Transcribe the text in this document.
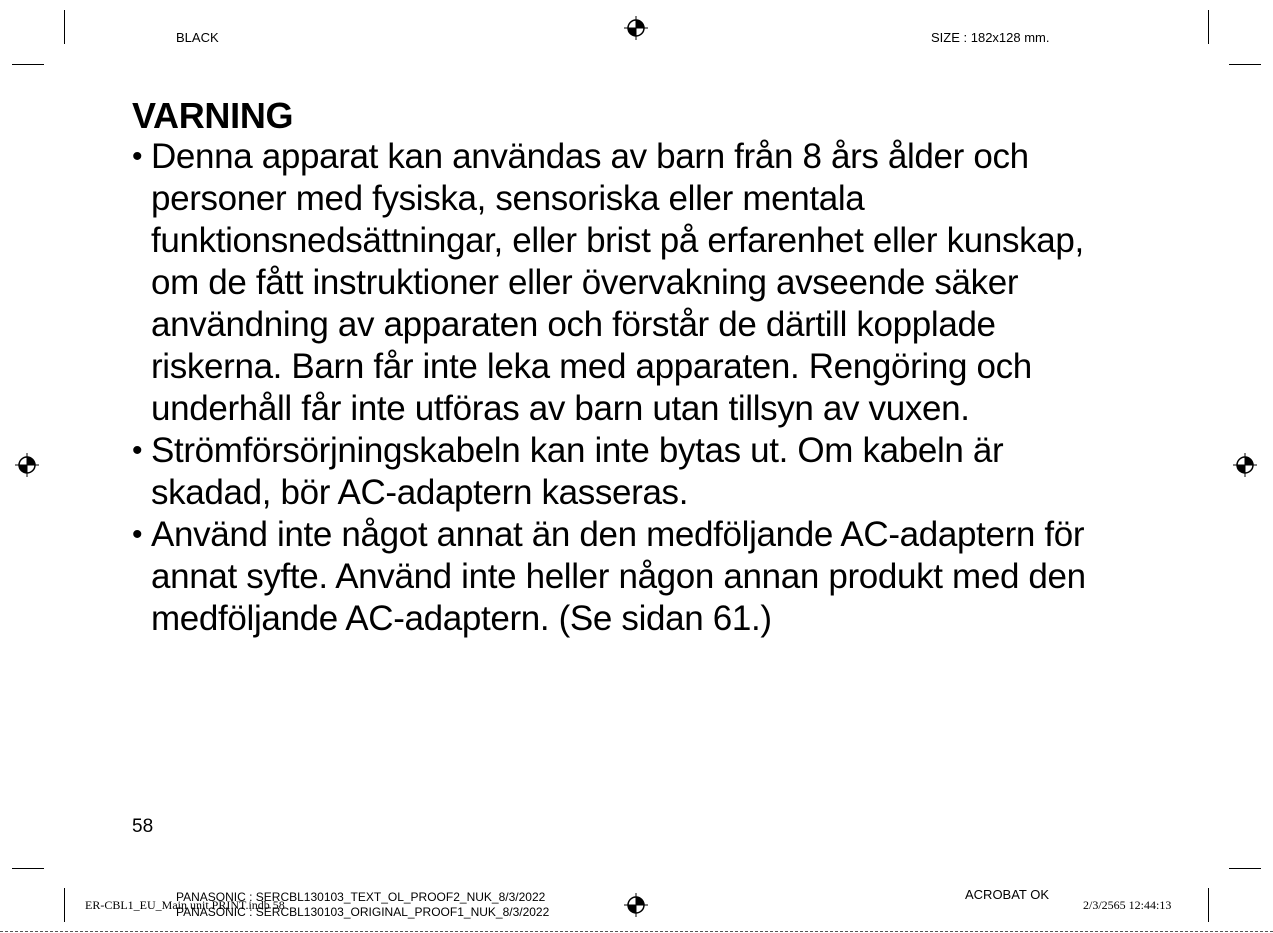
BLACK	SIZE : 182x128 mm.
VARNING
• Denna apparat kan användas av barn från 8 års ålder och
personer med fysiska, sensoriska eller mentala
funktionsnedsättningar, eller brist på erfarenhet eller kunskap,
om de fått instruktioner eller övervakning avseende säker
användning av apparaten och förstår de därtill kopplade
riskerna. Barn får inte leka med apparaten. Rengöring och
underhåll får inte utföras av barn utan tillsyn av vuxen.
• Strömförsörjningskabeln kan inte bytas ut. Om kabeln är
skadad, bör AC-adaptern kasseras.
• Använd inte något annat än den medföljande AC-adaptern för
annat syfte. Använd inte heller någon annan produkt med den
medföljande AC-adaptern. (Se sidan 61.)
58
ER-CBL1_EU_Main unit PRINT.indb 58
PANASONIC : SERCBL130103_TEXT_OL_PROOF2_NUK_8/3/2022
PANASONIC : SERCBL130103_ORIGINAL_PROOF1_NUK_8/3/2022
ACROBAT OK
2/3/2565 12:44:13
